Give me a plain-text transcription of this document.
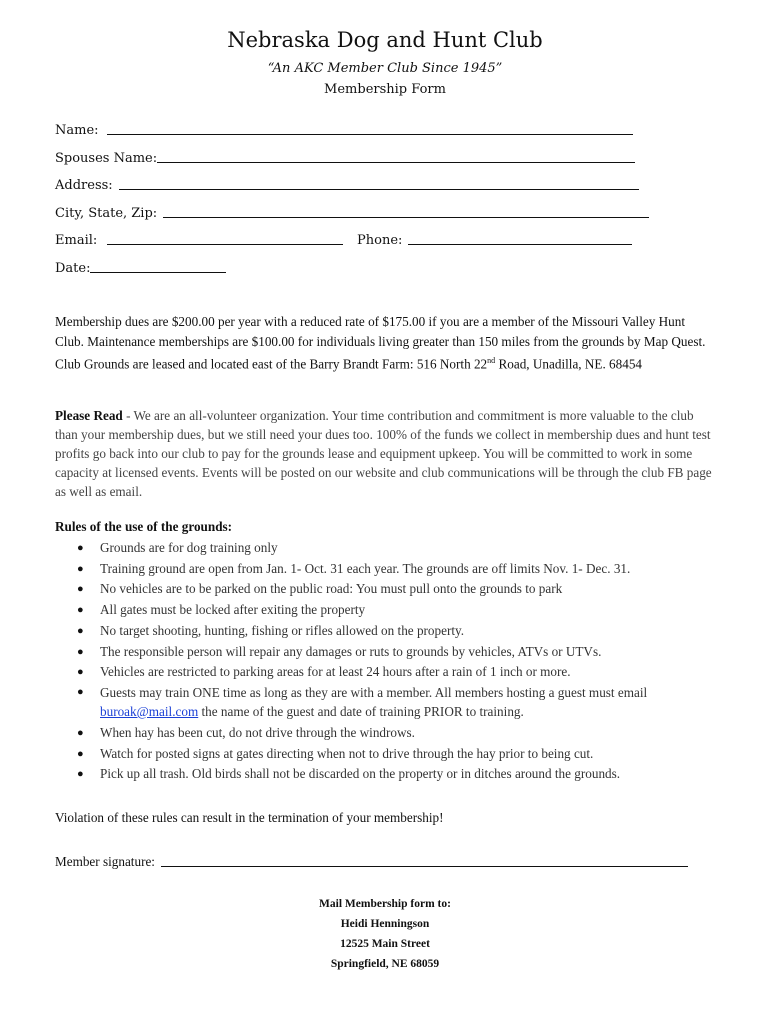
Nebraska Dog and Hunt Club
“An AKC Member Club Since 1945”
Membership Form
Name:
Spouses Name:
Address:
City, State, Zip:
Email:	Phone:
Date:
Membership dues are $200.00 per year with a reduced rate of $175.00 if you are a member of the Missouri Valley Hunt Club. Maintenance memberships are $100.00 for individuals living greater than 150 miles from the grounds by Map Quest. Club Grounds are leased and located east of the Barry Brandt Farm: 516 North 22nd Road, Unadilla, NE. 68454
Please Read - We are an all-volunteer organization. Your time contribution and commitment is more valuable to the club than your membership dues, but we still need your dues too. 100% of the funds we collect in membership dues and hunt test profits go back into our club to pay for the grounds lease and equipment upkeep. You will be committed to work in some capacity at licensed events. Events will be posted on our website and club communications will be through the club FB page as well as email.
Rules of the use of the grounds:
● Grounds are for dog training only
● Training ground are open from Jan. 1- Oct. 31 each year. The grounds are off limits Nov. 1- Dec. 31.
● No vehicles are to be parked on the public road: You must pull onto the grounds to park
● All gates must be locked after exiting the property
● No target shooting, hunting, fishing or rifles allowed on the property.
● The responsible person will repair any damages or ruts to grounds by vehicles, ATVs or UTVs.
● Vehicles are restricted to parking areas for at least 24 hours after a rain of 1 inch or more.
● Guests may train ONE time as long as they are with a member. All members hosting a guest must email buroak@mail.com the name of the guest and date of training PRIOR to training.
● When hay has been cut, do not drive through the windrows.
● Watch for posted signs at gates directing when not to drive through the hay prior to being cut.
● Pick up all trash. Old birds shall not be discarded on the property or in ditches around the grounds.
Violation of these rules can result in the termination of your membership!
Member signature:
Mail Membership form to:
Heidi Henningson
12525 Main Street
Springfield, NE 68059
